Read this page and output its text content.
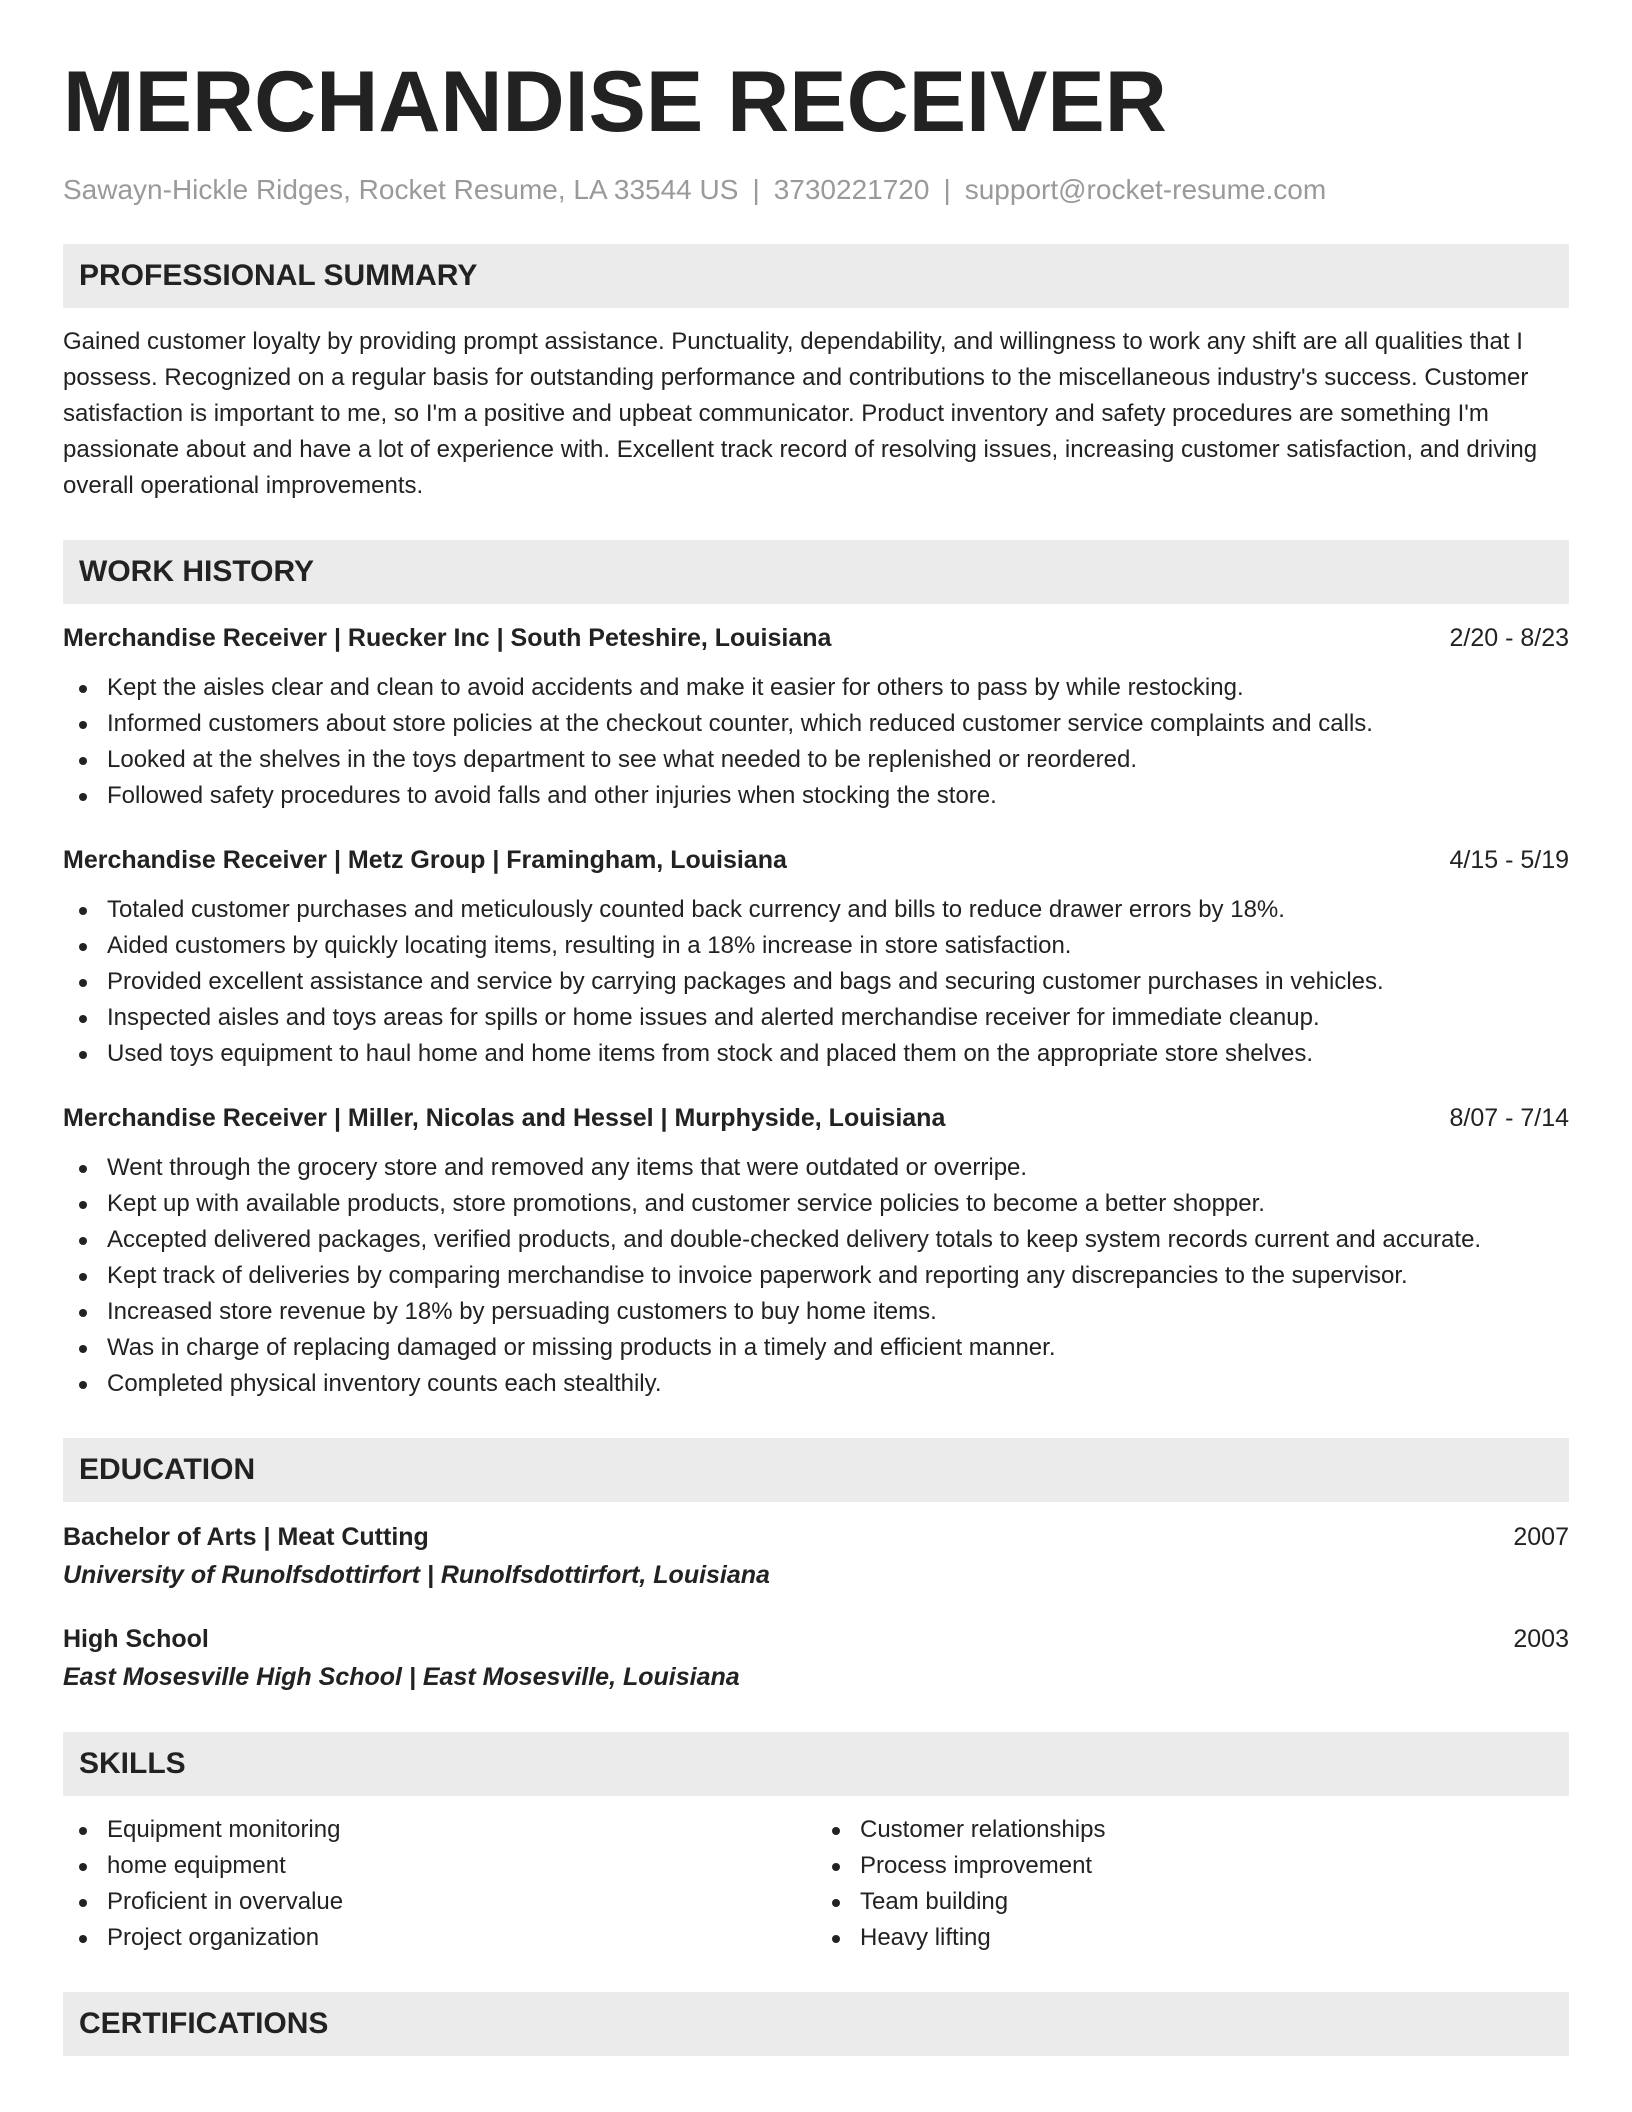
MERCHANDISE RECEIVER
Sawayn-Hickle Ridges, Rocket Resume, LA 33544 US | 3730221720 | support@rocket-resume.com
PROFESSIONAL SUMMARY

Gained customer loyalty by providing prompt assistance. Punctuality, dependability, and willingness to work any shift are all qualities that I possess. Recognized on a regular basis for outstanding performance and contributions to the miscellaneous industry's success. Customer satisfaction is important to me, so I'm a positive and upbeat communicator. Product inventory and safety procedures are something I'm passionate about and have a lot of experience with. Excellent track record of resolving issues, increasing customer satisfaction, and driving overall operational improvements.

WORK HISTORY
Merchandise Receiver | Ruecker Inc | South Peteshire, Louisiana	2/20 - 8/23
Kept the aisles clear and clean to avoid accidents and make it easier for others to pass by while restocking.
Informed customers about store policies at the checkout counter, which reduced customer service complaints and calls.
Looked at the shelves in the toys department to see what needed to be replenished or reordered.
Followed safety procedures to avoid falls and other injuries when stocking the store.
Merchandise Receiver | Metz Group | Framingham, Louisiana	4/15 - 5/19
Totaled customer purchases and meticulously counted back currency and bills to reduce drawer errors by 18%.
Aided customers by quickly locating items, resulting in a 18% increase in store satisfaction.
Provided excellent assistance and service by carrying packages and bags and securing customer purchases in vehicles.
Inspected aisles and toys areas for spills or home issues and alerted merchandise receiver for immediate cleanup.
Used toys equipment to haul home and home items from stock and placed them on the appropriate store shelves.
Merchandise Receiver | Miller, Nicolas and Hessel | Murphyside, Louisiana	8/07 - 7/14
Went through the grocery store and removed any items that were outdated or overripe.
Kept up with available products, store promotions, and customer service policies to become a better shopper.
Accepted delivered packages, verified products, and double-checked delivery totals to keep system records current and accurate.
Kept track of deliveries by comparing merchandise to invoice paperwork and reporting any discrepancies to the supervisor.
Increased store revenue by 18% by persuading customers to buy home items.
Was in charge of replacing damaged or missing products in a timely and efficient manner.
Completed physical inventory counts each stealthily.
EDUCATION
Bachelor of Arts | Meat Cutting	2007
University of Runolfsdottirfort | Runolfsdottirfort, Louisiana
High School	2003
East Mosesville High School | East Mosesville, Louisiana
SKILLS
Equipment monitoring
home equipment
Proficient in overvalue
Project organization
Customer relationships
Process improvement
Team building
Heavy lifting
CERTIFICATIONS
